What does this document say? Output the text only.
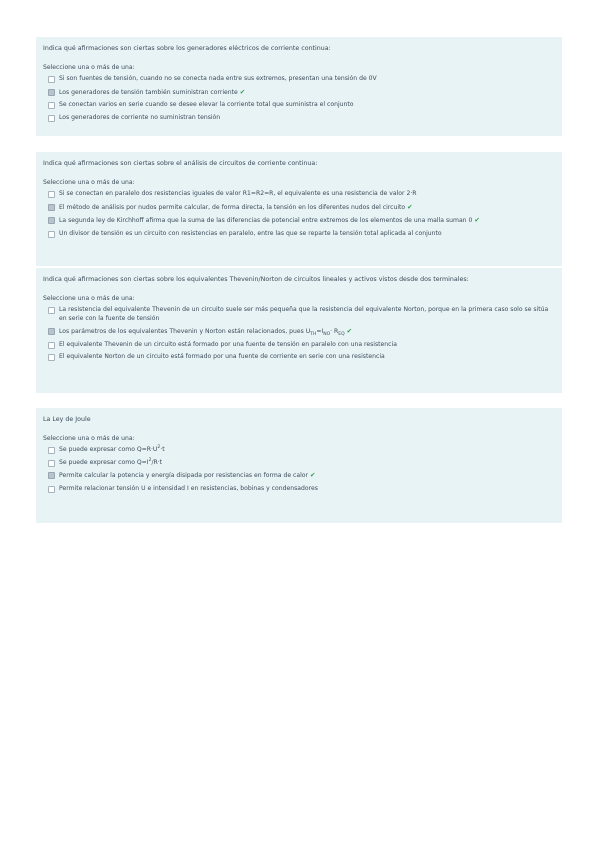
Indica qué afirmaciones son ciertas sobre los generadores eléctricos de corriente continua:
Seleccione una o más de una:
Si son fuentes de tensión, cuando no se conecta nada entre sus extremos, presentan una tensión de 0V
Los generadores de tensión también suministran corriente ✔
Se conectan varios en serie cuando se desee elevar la corriente total que suministra el conjunto
Los generadores de corriente no suministran tensión
Indica qué afirmaciones son ciertas sobre el análisis de circuitos de corriente continua:
Seleccione una o más de una:
Si se conectan en paralelo dos resistencias iguales de valor R1=R2=R, el equivalente es una resistencia de valor 2·R
El método de análisis por nudos permite calcular, de forma directa, la tensión en los diferentes nudos del circuito ✔
La segunda ley de Kirchhoff afirma que la suma de las diferencias de potencial entre extremos de los elementos de una malla suman 0 ✔
Un divisor de tensión es un circuito con resistencias en paralelo, entre las que se reparte la tensión total aplicada al conjunto
Indica qué afirmaciones son ciertas sobre los equivalentes Thevenin/Norton de circuitos lineales y activos vistos desde dos terminales:
Seleccione una o más de una:
La resistencia del equivalente Thevenin de un circuito suele ser más pequeña que la resistencia del equivalente Norton, porque en la primera caso solo se sitúa en serie con la fuente de tensión
Los parámetros de los equivalentes Thevenin y Norton están relacionados, pues $U_{TH}=I_{NO}\cdot R_{EQ}$ ✔
El equivalente Thevenin de un circuito está formado por una fuente de tensión en paralelo con una resistencia
El equivalente Norton de un circuito está formado por una fuente de corriente en serie con una resistencia
La Ley de Joule
Seleccione una o más de una:
Se puede expresar como $Q=R\cdot U^2\cdot t$
Se puede expresar como $Q=I^2/R\cdot t$
Permite calcular la potencia y energía disipada por resistencias en forma de calor ✔
Permite relacionar tensión U e intensidad I en resistencias, bobinas y condensadores
